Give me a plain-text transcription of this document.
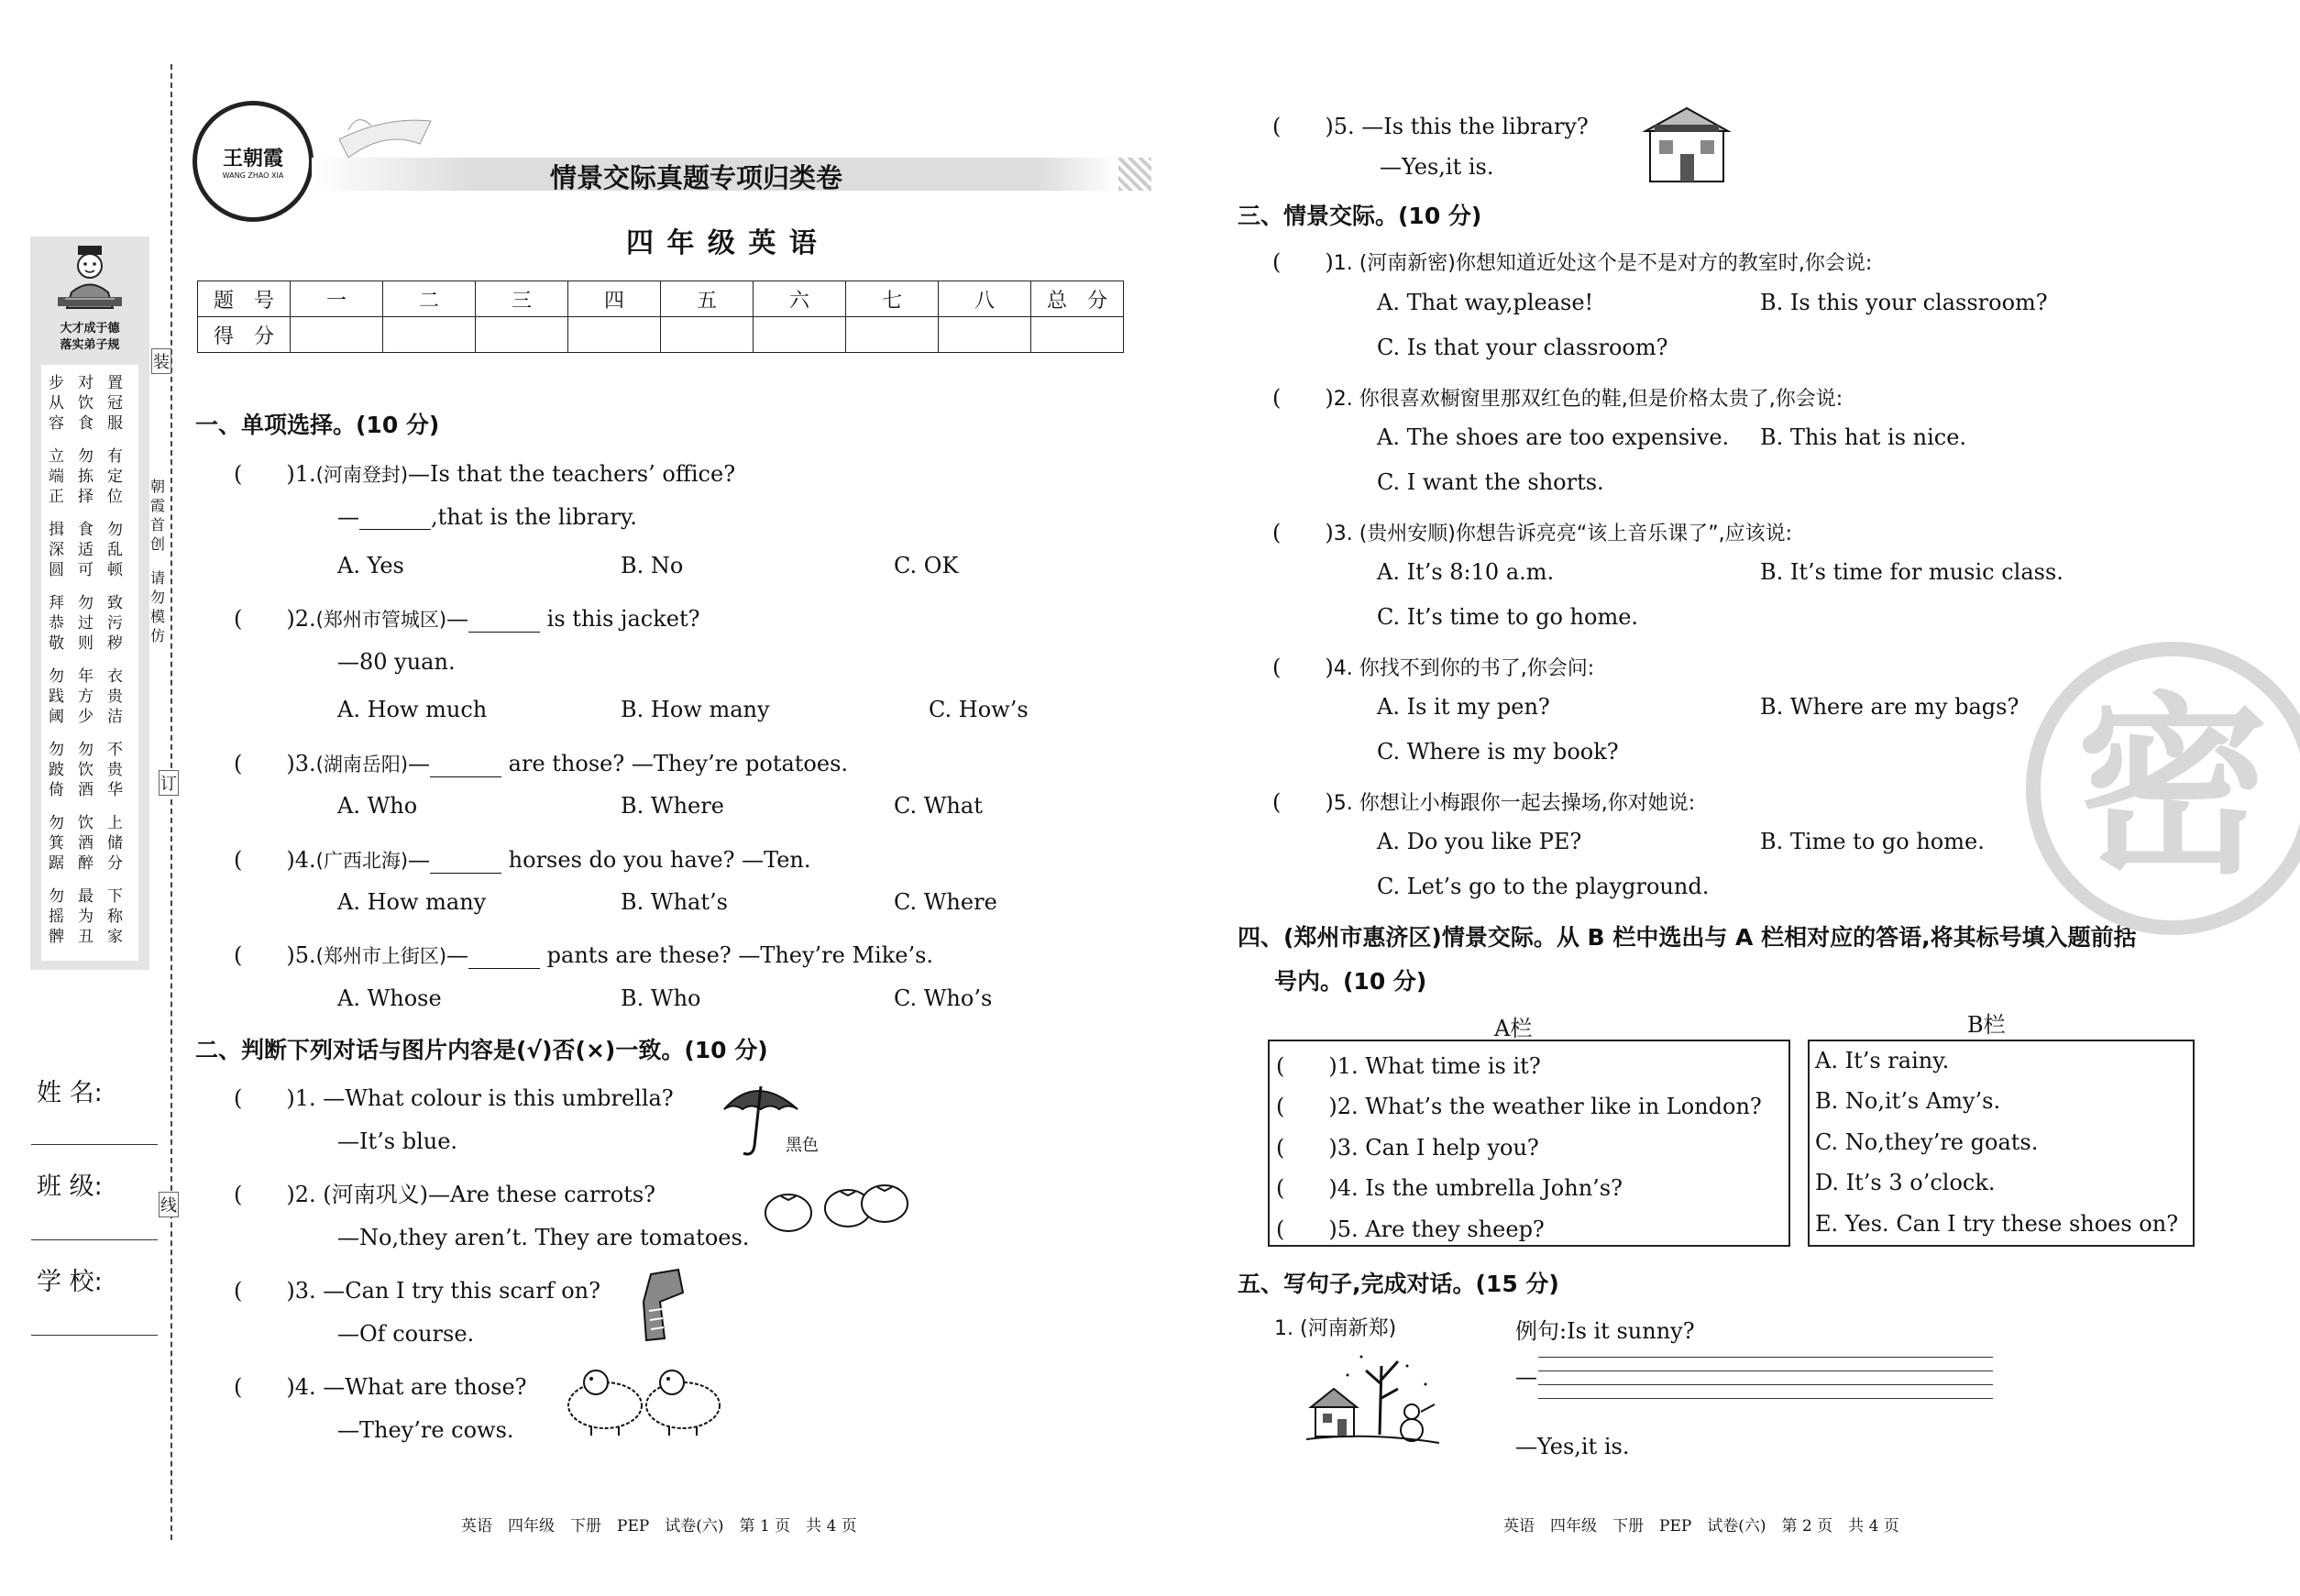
大才成于德
落实弟子规
步
从
容
立
端
正
揖
深
圆
拜
恭
敬
勿
践
阈
勿
跛
倚
勿
箕
踞
勿
摇
髀
对
饮
食
勿
拣
择
食
适
可
勿
过
则
年
方
少
勿
饮
酒
饮
酒
醉
最
为
丑
置
冠
服
有
定
位
勿
乱
顿
致
污
秽
衣
贵
洁
不
贵
华
上
储
分
下
称
家
装
订
线
朝
霞
首
创
请
勿
模
仿
姓 名:
班 级:
学 校:
王朝霞
WANG ZHAO XIA	情景交际真题专项归类卷
四 年 级 英 语
题　号	一	二	三	四	五	六	七	八	总　分
得　分									
一、单项选择。(10 分)
(　　)1.(河南登封)—Is that the teachers’ office?
—	,that is the library.
A. Yes	B. No	C. OK
(　　)2.(郑州市管城区)—	is this jacket?
—80 yuan.
A. How much	B. How many	C. How’s
(　　)3.(湖南岳阳)—	are those? —They’re potatoes.
A. Who	B. Where	C. What
(　　)4.(广西北海)—	horses do you have? —Ten.
A. How many	B. What’s	C. Where
(　　)5.(郑州市上街区)—	pants are these? —They’re Mike’s.
A. Whose	B. Who	C. Who’s
二、判断下列对话与图片内容是(√)否(×)一致。(10 分)
(　　)1. —What colour is this umbrella?
—It’s blue.	黑色
(　　)2. (河南巩义)—Are these carrots?
—No,they aren’t. They are tomatoes.
(　　)3. —Can I try this scarf on?
—Of course.
(　　)4. —What are those?
—They’re cows.
(　　)5. —Is this the library?
—Yes,it is.
三、情景交际。(10 分)
(　　)1. (河南新密)你想知道近处这个是不是对方的教室时,你会说:
A. That way,please!	B. Is this your classroom?
C. Is that your classroom?
(　　)2. 你很喜欢橱窗里那双红色的鞋,但是价格太贵了,你会说:
A. The shoes are too expensive. B. This hat is nice.
C. I want the shorts.
(　　)3. (贵州安顺)你想告诉亮亮“该上音乐课了”,应该说:
A. It’s 8:10 a.m.	B. It’s time for music class.
C. It’s time to go home.
(　　)4. 你找不到你的书了,你会问:
A. Is it my pen?	B. Where are my bags?
C. Where is my book?
(　　)5. 你想让小梅跟你一起去操场,你对她说:
A. Do you like PE?	B. Time to go home.
C. Let’s go to the playground.
四、(郑州市惠济区)情景交际。从 B 栏中选出与 A 栏相对应的答语,将其标号填入题前括
号内。(10 分)
A栏	B栏
(　　)1. What time is it?
(　　)2. What’s the weather like in London?
(　　)3. Can I help you?
(　　)4. Is the umbrella John’s?
(　　)5. Are they sheep?
A. It’s rainy.
B. No,it’s Amy’s.
C. No,they’re goats.
D. It’s 3 o’clock.
E. Yes. Can I try these shoes on?
五、写句子,完成对话。(15 分)
1. (河南新郑)	例句:Is it sunny?
—
—Yes,it is.
密
英语　四年级　下册　PEP　试卷(六)　第 1 页　共 4 页	英语　四年级　下册　PEP　试卷(六)　第 2 页　共 4 页
